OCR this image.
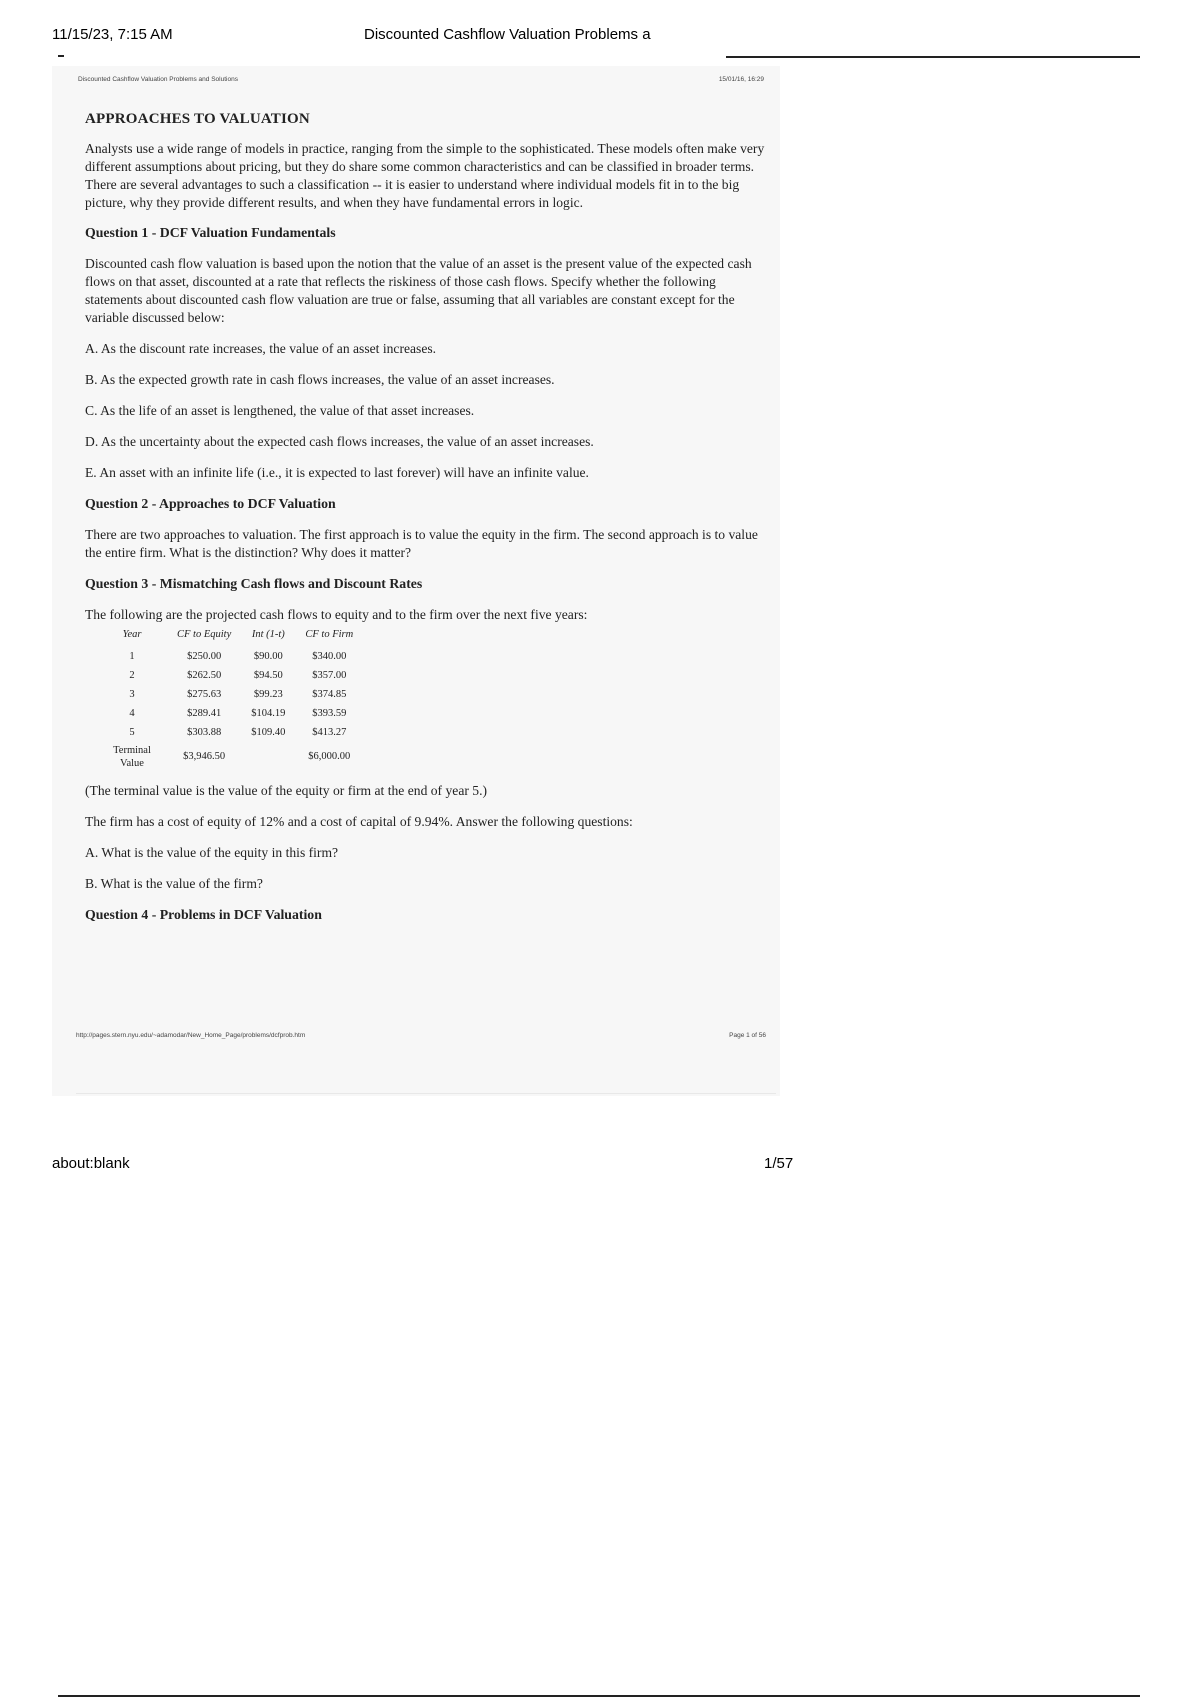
11/15/23, 7:15 AM	Discounted Cashflow Valuation Problems a
Discounted Cashflow Valuation Problems and Solutions	15/01/16, 16:29
APPROACHES TO VALUATION

Analysts use a wide range of models in practice, ranging from the simple to the sophisticated. These models often make very different assumptions about pricing, but they do share some common characteristics and can be classified in broader terms. There are several advantages to such a classification -- it is easier to understand where individual models fit in to the big picture, why they provide different results, and when they have fundamental errors in logic.

Question 1 - DCF Valuation Fundamentals

Discounted cash flow valuation is based upon the notion that the value of an asset is the present value of the expected cash flows on that asset, discounted at a rate that reflects the riskiness of those cash flows. Specify whether the following statements about discounted cash flow valuation are true or false, assuming that all variables are constant except for the variable discussed below:

A. As the discount rate increases, the value of an asset increases.

B. As the expected growth rate in cash flows increases, the value of an asset increases.

C. As the life of an asset is lengthened, the value of that asset increases.

D. As the uncertainty about the expected cash flows increases, the value of an asset increases.

E. An asset with an infinite life (i.e., it is expected to last forever) will have an infinite value.

Question 2 - Approaches to DCF Valuation

There are two approaches to valuation. The first approach is to value the equity in the firm. The second approach is to value the entire firm. What is the distinction? Why does it matter?

Question 3 - Mismatching Cash flows and Discount Rates

The following are the projected cash flows to equity and to the firm over the next five years:

Year	CF to Equity	Int (1-t)	CF to Firm
1	$250.00	$90.00	$340.00
2	$262.50	$94.50	$357.00
3	$275.63	$99.23	$374.85
4	$289.41	$104.19	$393.59
5	$303.88	$109.40	$413.27
Terminal Value	$3,946.50		$6,000.00

(The terminal value is the value of the equity or firm at the end of year 5.)

The firm has a cost of equity of 12% and a cost of capital of 9.94%. Answer the following questions:

A. What is the value of the equity in this firm?

B. What is the value of the firm?

Question 4 - Problems in DCF Valuation
http://pages.stern.nyu.edu/~adamodar/New_Home_Page/problems/dcfprob.htm	Page 1 of 56
about:blank	1/57
